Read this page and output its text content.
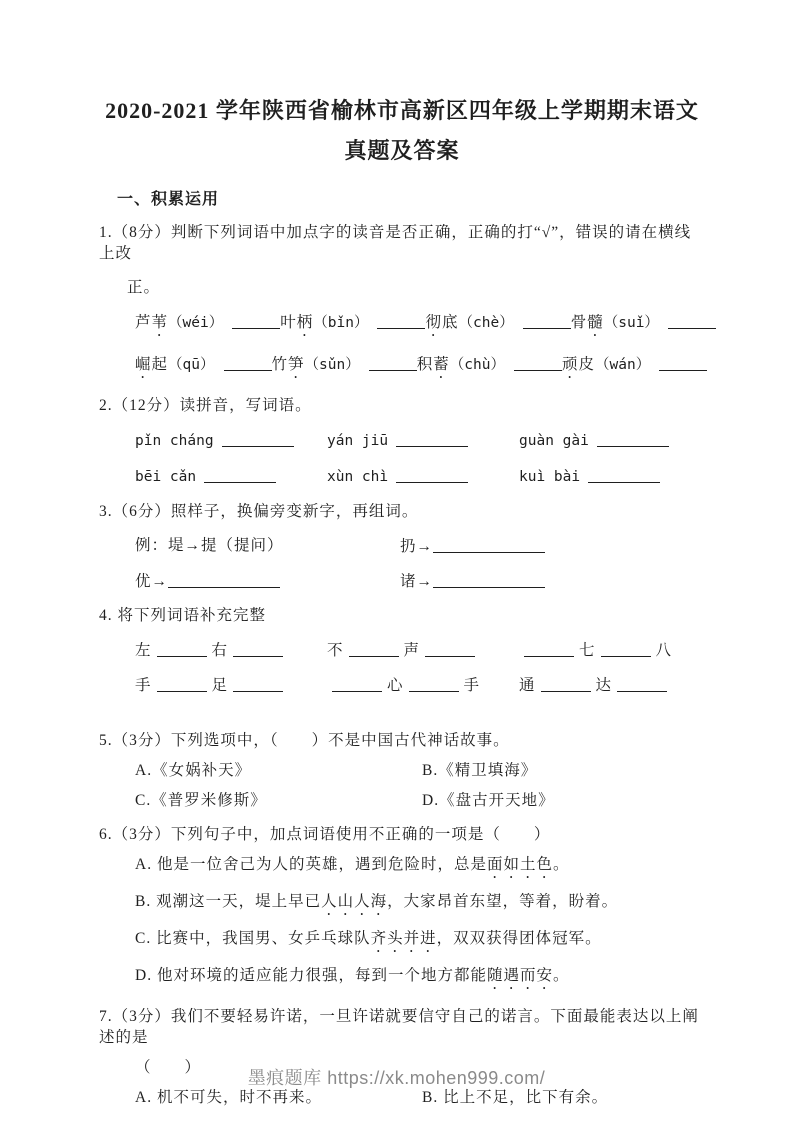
2020-2021 学年陕西省榆林市高新区四年级上学期期末语文
真题及答案
一、积累运用
1.（8分）判断下列词语中加点字的读音是否正确，正确的打“√”，错误的请在横线上改
正。
芦苇（wéi）	叶柄（bǐn）	彻底（chè）	骨髓（suǐ）
崛起（qū）	竹笋（sǔn）	积蓄（chù）	顽皮（wán）
2.（12分）读拼音，写词语。
pǐn cháng	yán jiū	guàn gài
bēi cǎn	xùn chì	kuì bài
3.（6分）照样子，换偏旁变新字，再组词。
例：堤→提（提问）	扔→
优→	诸→
4. 将下列词语补充完整
左	右	不	声	七	八
手	足	心	手	通	达
5.（3分）下列选项中，（　　）不是中国古代神话故事。
A.《女娲补天》	B.《精卫填海》
C.《普罗米修斯》	D.《盘古开天地》
6.（3分）下列句子中，加点词语使用不正确的一项是（　　）
A. 他是一位舍己为人的英雄，遇到危险时，总是面如土色。
B. 观潮这一天，堤上早已人山人海，大家昂首东望，等着，盼着。
C. 比赛中，我国男、女乒乓球队齐头并进，双双获得团体冠军。
D. 他对环境的适应能力很强，每到一个地方都能随遇而安。
7.（3分）我们不要轻易许诺，一旦许诺就要信守自己的诺言。下面最能表达以上阐述的是
（　　）
A. 机不可失，时不再来。	B. 比上不足，比下有余。
墨痕题库 https://xk.mohen999.com/
